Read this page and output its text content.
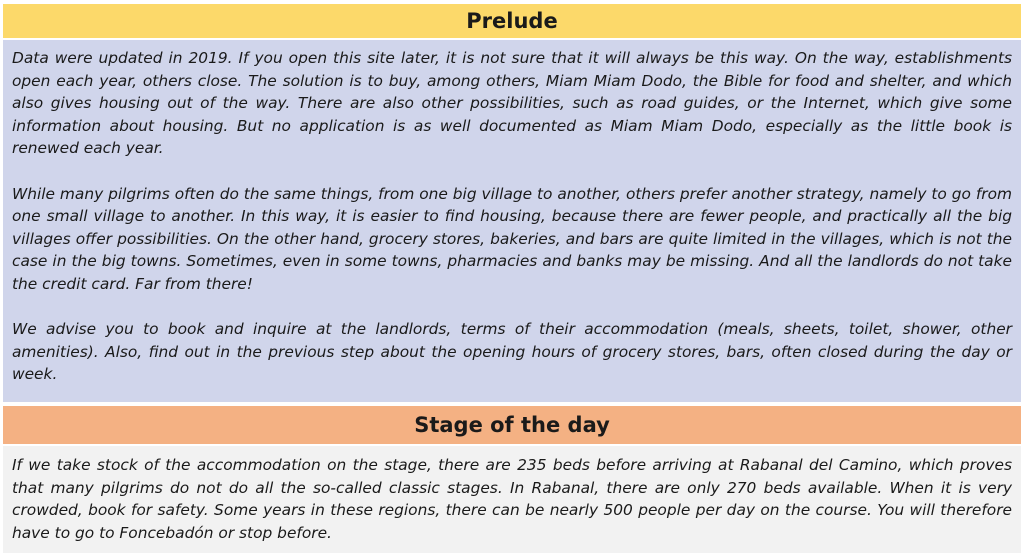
Prelude

Data were updated in 2019. If you open this site later, it is not sure that it will always be this way. On the way, establishments open each year, others close. The solution is to buy, among others, Miam Miam Dodo, the Bible for food and shelter, and which also gives housing out of the way. There are also other possibilities, such as road guides, or the Internet, which give some information about housing. But no application is as well documented as Miam Miam Dodo, especially as the little book is renewed each year.

While many pilgrims often do the same things, from one big village to another, others prefer another strategy, namely to go from one small village to another. In this way, it is easier to find housing, because there are fewer people, and practically all the big villages offer possibilities. On the other hand, grocery stores, bakeries, and bars are quite limited in the villages, which is not the case in the big towns. Sometimes, even in some towns, pharmacies and banks may be missing. And all the landlords do not take the credit card. Far from there!

We advise you to book and inquire at the landlords, terms of their accommodation (meals, sheets, toilet, shower, other amenities). Also, find out in the previous step about the opening hours of grocery stores, bars, often closed during the day or week.

Stage of the day

If we take stock of the accommodation on the stage, there are 235 beds before arriving at Rabanal del Camino, which proves that many pilgrims do not do all the so-called classic stages. In Rabanal, there are only 270 beds available. When it is very crowded, book for safety. Some years in these regions, there can be nearly 500 people per day on the course. You will therefore have to go to Foncebadón or stop before.
